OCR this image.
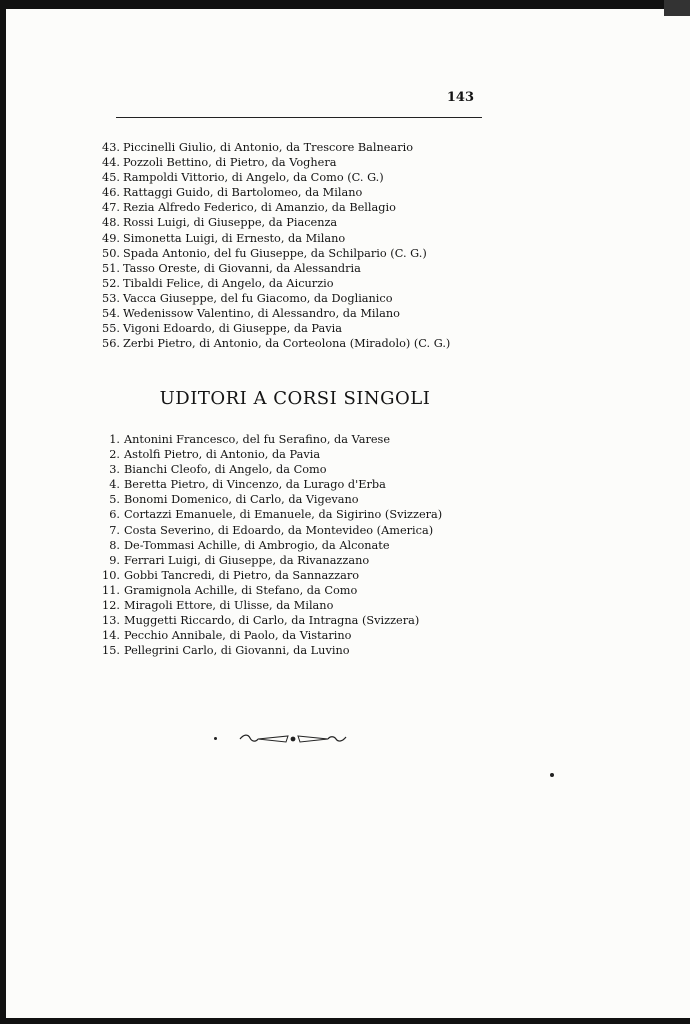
143
43. Piccinelli Giulio, di Antonio, da Trescore Balneario
44. Pozzoli Bettino, di Pietro, da Voghera
45. Rampoldi Vittorio, di Angelo, da Como (C. G.)
46. Rattaggi Guido, di Bartolomeo, da Milano
47. Rezia Alfredo Federico, di Amanzio, da Bellagio
48. Rossi Luigi, di Giuseppe, da Piacenza
49. Simonetta Luigi, di Ernesto, da Milano
50. Spada Antonio, del fu Giuseppe, da Schilpario (C. G.)
51. Tasso Oreste, di Giovanni, da Alessandria
52. Tibaldi Felice, di Angelo, da Aicurzio
53. Vacca Giuseppe, del fu Giacomo, da Doglianico
54. Wedenissow Valentino, di Alessandro, da Milano
55. Vigoni Edoardo, di Giuseppe, da Pavia
56. Zerbi Pietro, di Antonio, da Corteolona (Miradolo) (C. G.)
UDITORI A CORSI SINGOLI
1. Antonini Francesco, del fu Serafino, da Varese
2. Astolfi Pietro, di Antonio, da Pavia
3. Bianchi Cleofo, di Angelo, da Como
4. Beretta Pietro, di Vincenzo, da Lurago d'Erba
5. Bonomi Domenico, di Carlo, da Vigevano
6. Cortazzi Emanuele, di Emanuele, da Sigirino (Svizzera)
7. Costa Severino, di Edoardo, da Montevideo (America)
8. De-Tommasi Achille, di Ambrogio, da Alconate
9. Ferrari Luigi, di Giuseppe, da Rivanazzano
10. Gobbi Tancredi, di Pietro, da Sannazzaro
11. Gramignola Achille, di Stefano, da Como
12. Miragoli Ettore, di Ulisse, da Milano
13. Muggetti Riccardo, di Carlo, da Intragna (Svizzera)
14. Pecchio Annibale, di Paolo, da Vistarino
15. Pellegrini Carlo, di Giovanni, da Luvino
